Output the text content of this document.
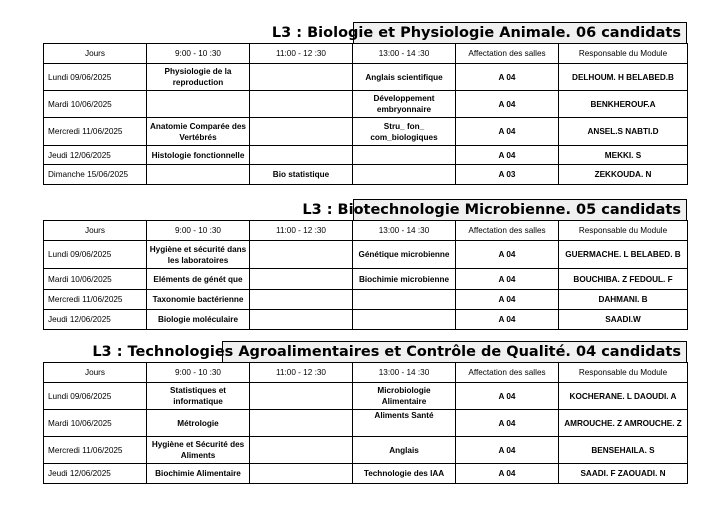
L3 : Biologie et Physiologie Animale. 06 candidats
Jours	9:00 - 10 :30	11:00 - 12 :30	13:00 - 14 :30	Affectation des salles	Responsable du Module
Lundi 09/06/2025	Physiologie de la reproduction		Anglais scientifique	A 04	DELHOUM. H BELABED.B
Mardi 10/06/2025			Développement embryonnaire	A 04	BENKHEROUF.A
Mercredi 11/06/2025	Anatomie Comparée des Vertébrés		Stru_ fon_ com_biologiques	A 04	ANSEL.S NABTI.D
Jeudi 12/06/2025	Histologie fonctionnelle			A 04	MEKKI. S
Dimanche 15/06/2025		Bio statistique		A 03	ZEKKOUDA. N
L3 : Biotechnologie Microbienne. 05 candidats
Jours	9:00 - 10 :30	11:00 - 12 :30	13:00 - 14 :30	Affectation des salles	Responsable du Module
Lundi 09/06/2025	Hygiène et sécurité dans les laboratoires		Génétique microbienne	A 04	GUERMACHE. L BELABED. B
Mardi 10/06/2025	Eléments de génét que		Biochimie microbienne	A 04	BOUCHIBA. Z FEDOUL. F
Mercredi 11/06/2025	Taxonomie bactérienne			A 04	DAHMANI. B
Jeudi 12/06/2025	Biologie moléculaire			A 04	SAADI.W
L3 : Technologies Agroalimentaires et Contrôle de Qualité. 04 candidats
Jours	9:00 - 10 :30	11:00 - 12 :30	13:00 - 14 :30	Affectation des salles	Responsable du Module
Lundi 09/06/2025	Statistiques et informatique		Microbiologie Alimentaire	A 04	KOCHERANE. L DAOUDI. A
Mardi 10/06/2025	Métrologie		Aliments Santé	A 04	AMROUCHE. Z AMROUCHE. Z
Mercredi 11/06/2025	Hygiène et Sécurité des Aliments		Anglais	A 04	BENSEHAILA. S
Jeudi 12/06/2025	Biochimie Alimentaire		Technologie des IAA	A 04	SAADI. F ZAOUADI. N
